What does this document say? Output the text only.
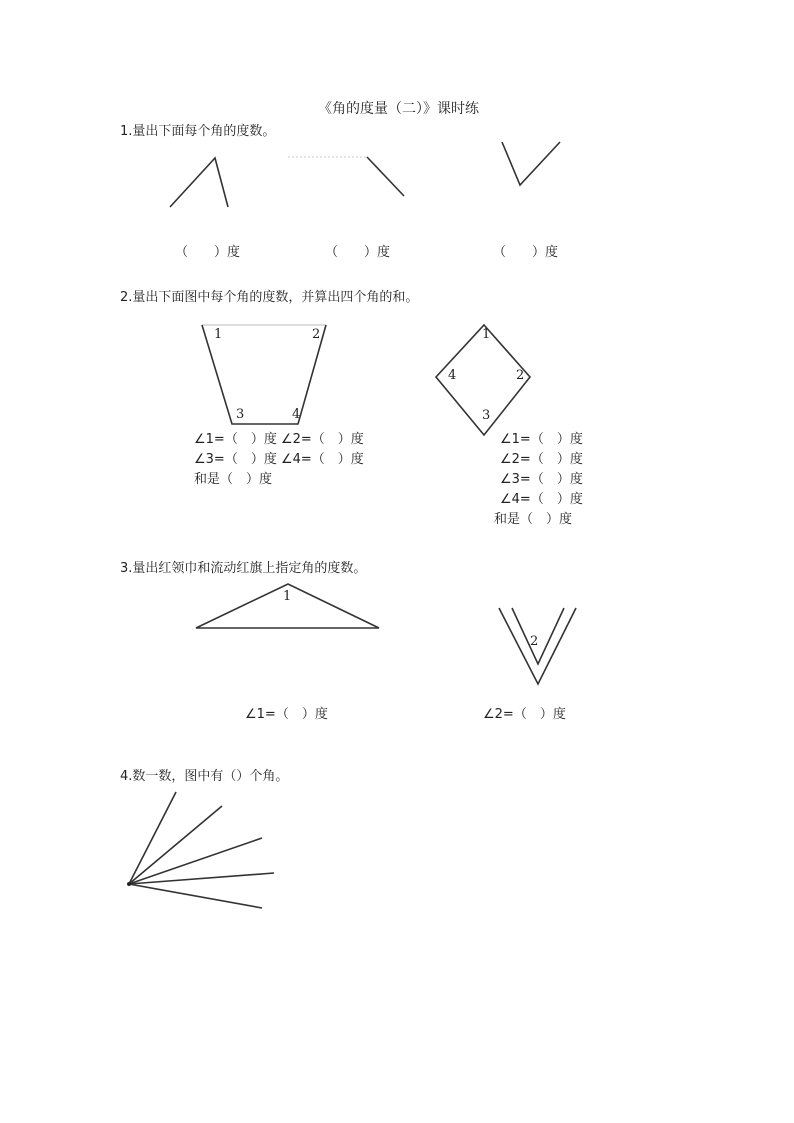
《角的度量（二）》课时练
1.量出下面每个角的度数。
（　　）度	（　　）度	（　　）度
2.量出下面图中每个角的度数，并算出四个角的和。
1	2
3	4
1
2
3
4
∠1=（　）度 ∠2=（　）度
∠3=（　）度 ∠4=（　）度
和是（　）度
∠1=（　）度
∠2=（　）度
∠3=（　）度
∠4=（　）度
和是（　）度
3.量出红领巾和流动红旗上指定角的度数。
1
2
∠1=（　）度	∠2=（　）度
4.数一数，图中有（）个角。
